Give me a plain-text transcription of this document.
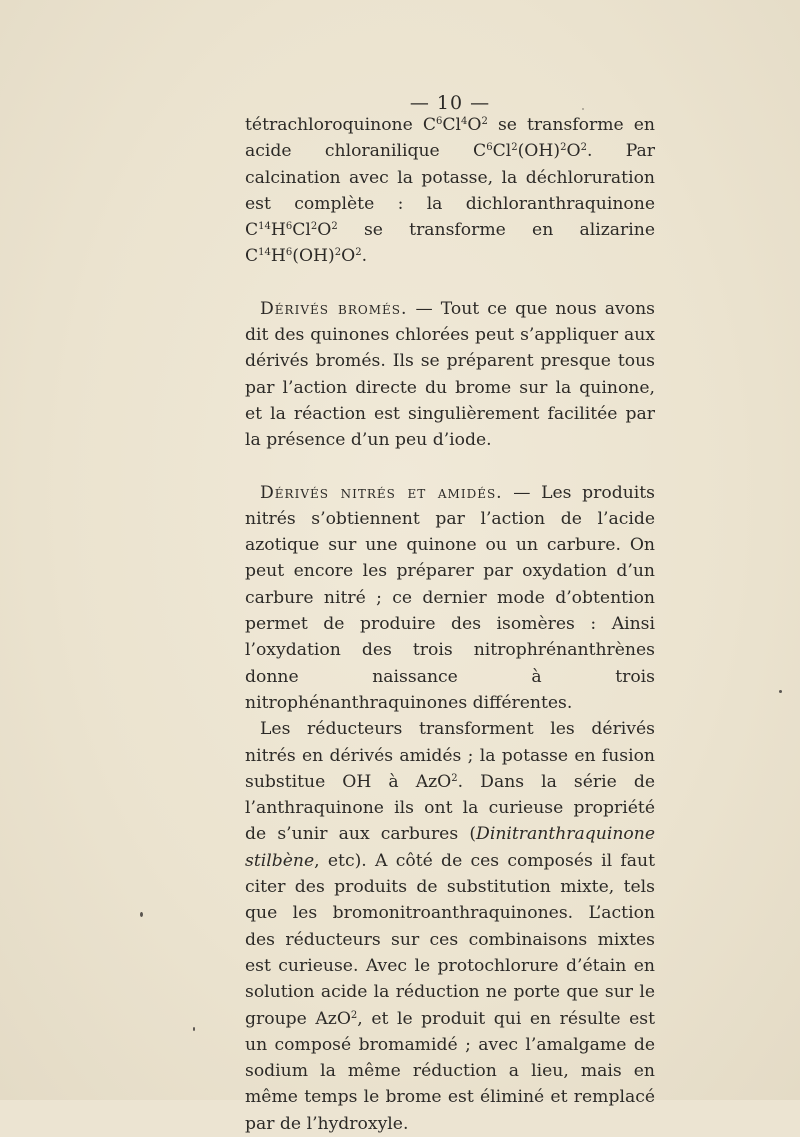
— 10 —

tétrachloroquinone $C^6Cl^4O^2$ se transforme en acide chloranilique $C^6Cl^2(OH)^2O^2$. Par calcination avec la potasse, la déchloruration est complète : la dichloranthraquinone $C^{14}H^6Cl^2O^2$ se transforme en alizarine $C^{14}H^6(OH)^2O^2$.

Dérivés bromés. — Tout ce que nous avons dit des quinones chlorées peut s’appliquer aux dérivés bromés. Ils se préparent presque tous par l’action directe du brome sur la quinone, et la réaction est singulièrement facilitée par la présence d’un peu d’iode.

Dérivés nitrés et amidés. — Les produits nitrés s’obtiennent par l’action de l’acide azotique sur une quinone ou un carbure. On peut encore les préparer par oxydation d’un carbure nitré ; ce dernier mode d’obtention permet de produire des isomères : Ainsi l’oxydation des trois nitrophrénanthrènes donne naissance à trois nitrophénanthraquinones différentes.

Les réducteurs transforment les dérivés nitrés en dérivés amidés ; la potasse en fusion substitue OH à AzO$^2$. Dans la série de l’anthraquinone ils ont la curieuse propriété de s’unir aux carbures (Dinitranthraquinone stilbène, etc). A côté de ces composés il faut citer des produits de substitution mixte, tels que les bromonitroanthraquinones. L’action des réducteurs sur ces combinaisons mixtes est curieuse. Avec le protochlorure d’étain en solution acide la réduction ne porte que sur le groupe AzO$^2$, et le produit qui en résulte est un composé bromamidé ; avec l’amalgame de sodium la même réduction a lieu, mais en même temps le brome est éliminé et remplacé par de l’hydroxyle.
